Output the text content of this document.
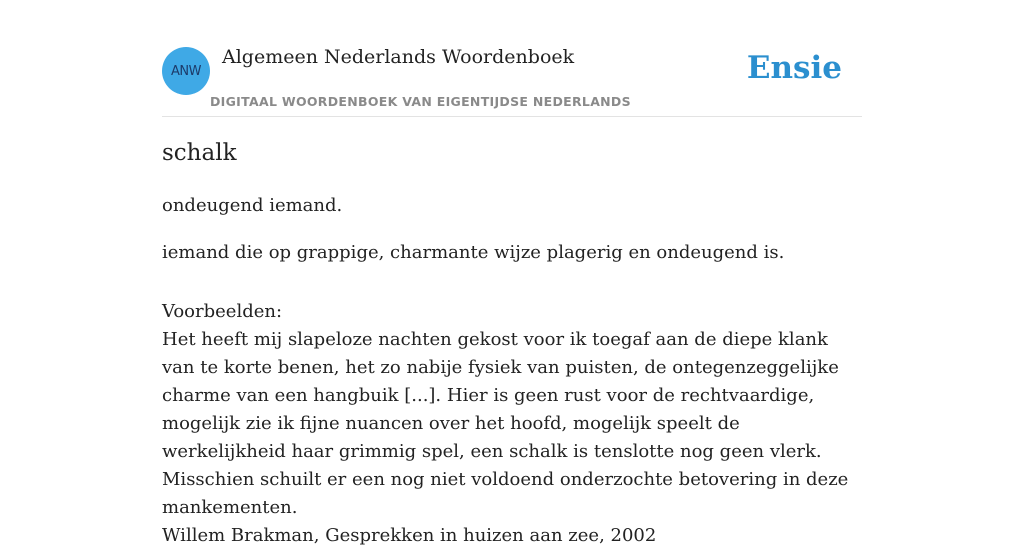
ANW
Algemeen Nederlands Woordenboek
DIGITAAL WOORDENBOEK VAN EIGENTIJDSE NEDERLANDS
Ensie
schalk
ondeugend iemand.
iemand die op grappige, charmante wijze plagerig en ondeugend is.

Voorbeelden:

Het heeft mij slapeloze nachten gekost voor ik toegaf aan de diepe klank van te korte benen, het zo nabije fysiek van puisten, de ontegenzeggelijke charme van een hangbuik [...]. Hier is geen rust voor de rechtvaardige, mogelijk zie ik fijne nuancen over het hoofd, mogelijk speelt de werkelijkheid haar grimmig spel, een schalk is tenslotte nog geen vlerk. Misschien schuilt er een nog niet voldoend onderzochte betovering in deze mankementen.

Willem Brakman, Gesprekken in huizen aan zee, 2002
